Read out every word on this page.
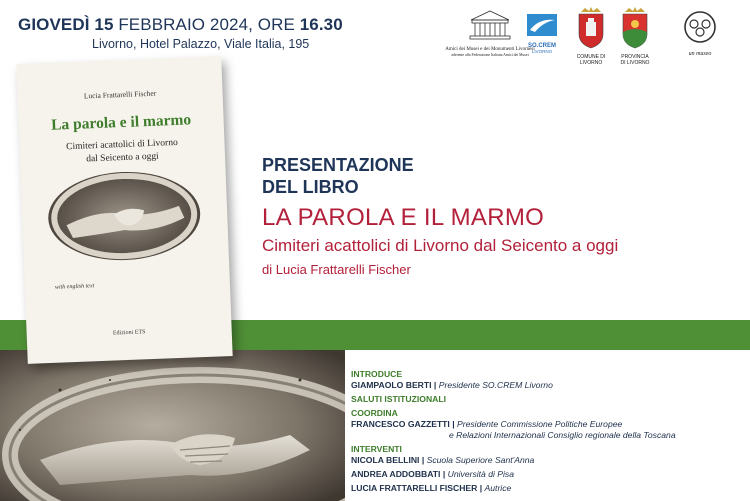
GIOVEDÌ 15 FEBBRAIO 2024, ORE 16.30
Livorno, Hotel Palazzo, Viale Italia, 195	Amici dei Musei e dei Monumenti Livornesi
aderente alla Federazione Italiana Amici dei Musei
SO.CREM
LIVORNO
COMUNE DI
LIVORNO
PROVINCIA
DI LIVORNO
un museo
Lucia Frattarelli Fischer
La parola e il marmo
Cimiteri acattolici di Livorno
dal Seicento a oggi
with english text
Edizioni ETS
PRESENTAZIONE
DEL LIBRO
LA PAROLA E IL MARMO
Cimiteri acattolici di Livorno dal Seicento a oggi
di Lucia Frattarelli Fischer
INTRODUCE
GIAMPAOLO BERTI | Presidente SO.CREM Livorno
SALUTI ISTITUZIONALI
COORDINA
FRANCESCO GAZZETTI | Presidente Commissione Politiche Europee
e Relazioni Internazionali Consiglio regionale della Toscana
INTERVENTI
NICOLA BELLINI | Scuola Superiore Sant'Anna
ANDREA ADDOBBATI | Università di Pisa
LUCIA FRATTARELLI FISCHER | Autrice
